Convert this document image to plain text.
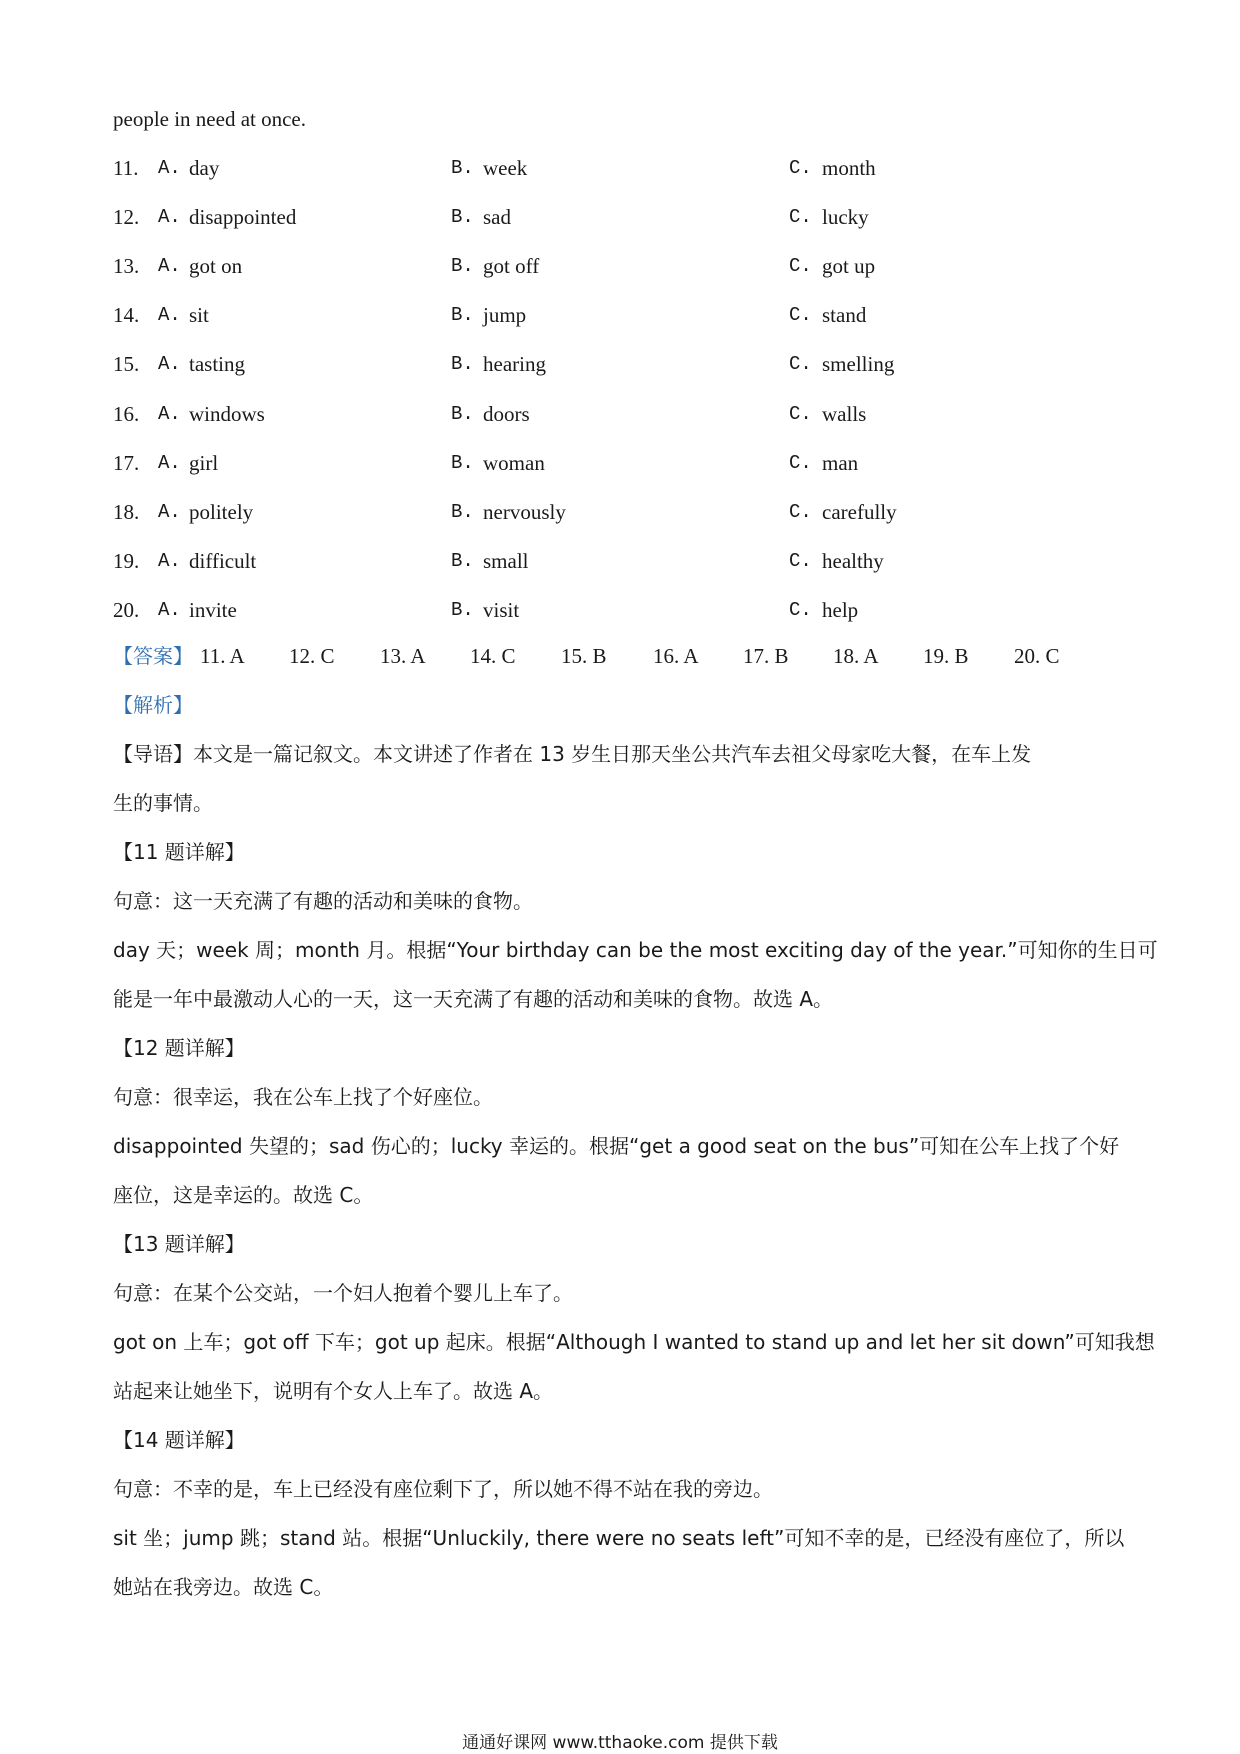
people in need at once.
11. A. day	B. week	C. month
12. A. disappointed	B. sad	C. lucky
13. A. got on	B. got off	C. got up
14. A. sit	B. jump	C. stand
15. A. tasting	B. hearing	C. smelling
16. A. windows	B. doors	C. walls
17. A. girl	B. woman	C. man
18. A. politely	B. nervously	C. carefully
19. A. difficult	B. small	C. healthy
20. A. invite	B. visit	C. help
【答案】 11. A 12. C 13. A 14. C 15. B 16. A 17. B 18. A 19. B 20. C
【解析】
【导语】本文是一篇记叙文。本文讲述了作者在 13 岁生日那天坐公共汽车去祖父母家吃大餐，在车上发
生的事情。
【11 题详解】
句意：这一天充满了有趣的活动和美味的食物。
day 天；week 周；month 月。根据“Your birthday can be the most exciting day of the year.”可知你的生日可
能是一年中最激动人心的一天，这一天充满了有趣的活动和美味的食物。故选 A。
【12 题详解】
句意：很幸运，我在公车上找了个好座位。
disappointed 失望的；sad 伤心的；lucky 幸运的。根据“get a good seat on the bus”可知在公车上找了个好
座位，这是幸运的。故选 C。
【13 题详解】
句意：在某个公交站，一个妇人抱着个婴儿上车了。
got on 上车；got off 下车；got up 起床。根据“Although I wanted to stand up and let her sit down”可知我想
站起来让她坐下，说明有个女人上车了。故选 A。
【14 题详解】
句意：不幸的是，车上已经没有座位剩下了，所以她不得不站在我的旁边。
sit 坐；jump 跳；stand 站。根据“Unluckily, there were no seats left”可知不幸的是，已经没有座位了，所以
她站在我旁边。故选 C。
通通好课网 www.tthaoke.com 提供下载
